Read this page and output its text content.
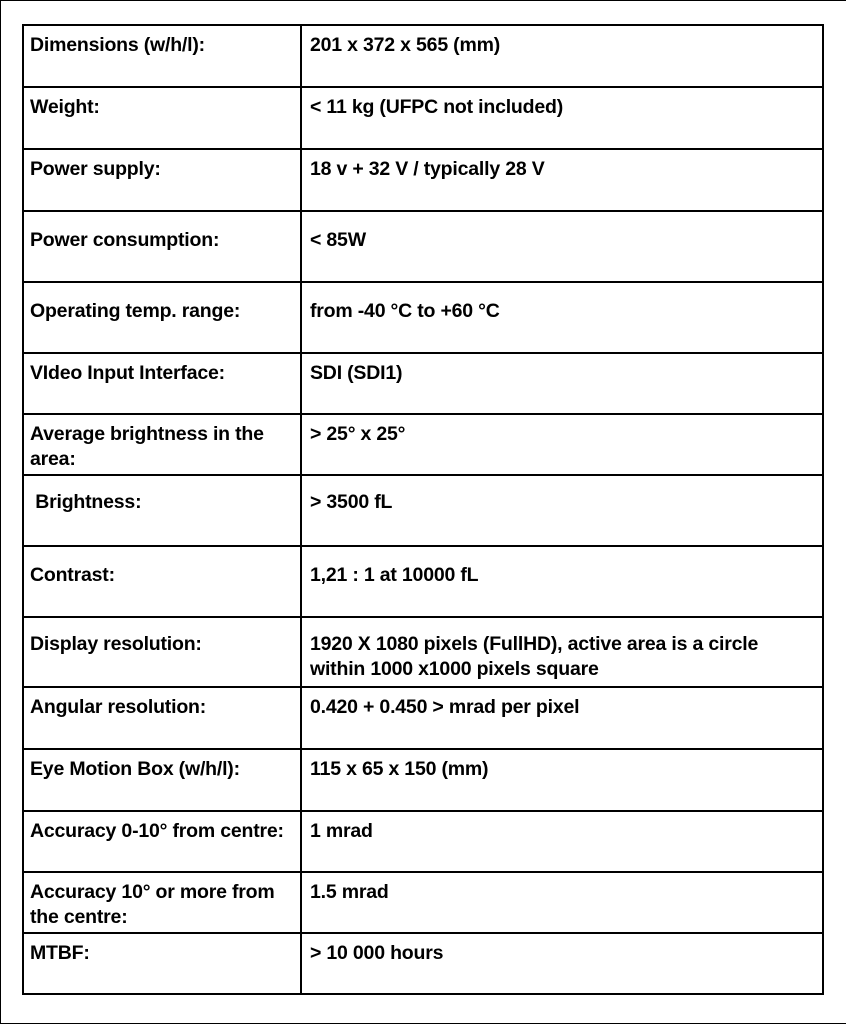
Dimensions (w/h/l):	201 x 372 x 565 (mm)
Weight:	< 11 kg (UFPC not included)
Power supply:	18 v + 32 V / typically 28 V
Power consumption:	< 85W
Operating temp. range:	from -40 °C to +60 °C
VIdeo Input Interface:	SDI (SDI1)
Average brightness in the area:	> 25° x 25°
Brightness:	> 3500 fL
Contrast:	1,21 : 1 at 10000 fL
Display resolution:	1920 X 1080 pixels (FullHD), active area is a circle within 1000 x1000 pixels square
Angular resolution:	0.420 + 0.450 > mrad per pixel
Eye Motion Box (w/h/l):	115 x 65 x 150 (mm)
Accuracy 0-10° from centre:	1 mrad
Accuracy 10° or more from the centre:	1.5 mrad
MTBF:	> 10 000 hours
